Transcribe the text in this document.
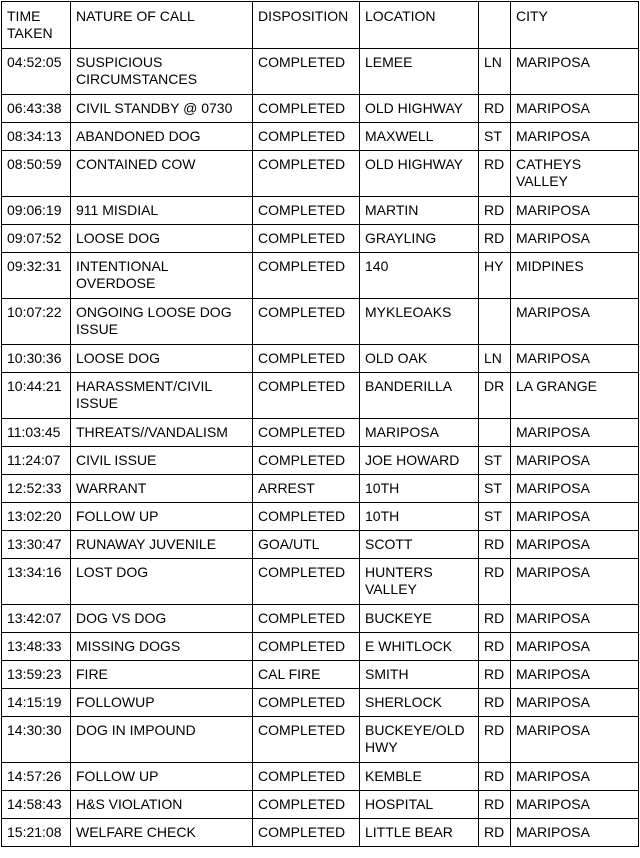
TIME TAKEN	NATURE OF CALL	DISPOSITION	LOCATION		CITY
04:52:05	SUSPICIOUS CIRCUMSTANCES	COMPLETED	LEMEE	LN	MARIPOSA
06:43:38	CIVIL STANDBY @ 0730	COMPLETED	OLD HIGHWAY	RD	MARIPOSA
08:34:13	ABANDONED DOG	COMPLETED	MAXWELL	ST	MARIPOSA
08:50:59	CONTAINED COW	COMPLETED	OLD HIGHWAY	RD	CATHEYS VALLEY
09:06:19	911 MISDIAL	COMPLETED	MARTIN	RD	MARIPOSA
09:07:52	LOOSE DOG	COMPLETED	GRAYLING	RD	MARIPOSA
09:32:31	INTENTIONAL OVERDOSE	COMPLETED	140	HY	MIDPINES
10:07:22	ONGOING LOOSE DOG ISSUE	COMPLETED	MYKLEOAKS		MARIPOSA
10:30:36	LOOSE DOG	COMPLETED	OLD OAK	LN	MARIPOSA
10:44:21	HARASSMENT/CIVIL ISSUE	COMPLETED	BANDERILLA	DR	LA GRANGE
11:03:45	THREATS//VANDALISM	COMPLETED	MARIPOSA		MARIPOSA
11:24:07	CIVIL ISSUE	COMPLETED	JOE HOWARD	ST	MARIPOSA
12:52:33	WARRANT	ARREST	10TH	ST	MARIPOSA
13:02:20	FOLLOW UP	COMPLETED	10TH	ST	MARIPOSA
13:30:47	RUNAWAY JUVENILE	GOA/UTL	SCOTT	RD	MARIPOSA
13:34:16	LOST DOG	COMPLETED	HUNTERS VALLEY	RD	MARIPOSA
13:42:07	DOG VS DOG	COMPLETED	BUCKEYE	RD	MARIPOSA
13:48:33	MISSING DOGS	COMPLETED	E WHITLOCK	RD	MARIPOSA
13:59:23	FIRE	CAL FIRE	SMITH	RD	MARIPOSA
14:15:19	FOLLOWUP	COMPLETED	SHERLOCK	RD	MARIPOSA
14:30:30	DOG IN IMPOUND	COMPLETED	BUCKEYE/OLD HWY	RD	MARIPOSA
14:57:26	FOLLOW UP	COMPLETED	KEMBLE	RD	MARIPOSA
14:58:43	H&S VIOLATION	COMPLETED	HOSPITAL	RD	MARIPOSA
15:21:08	WELFARE CHECK	COMPLETED	LITTLE BEAR	RD	MARIPOSA
